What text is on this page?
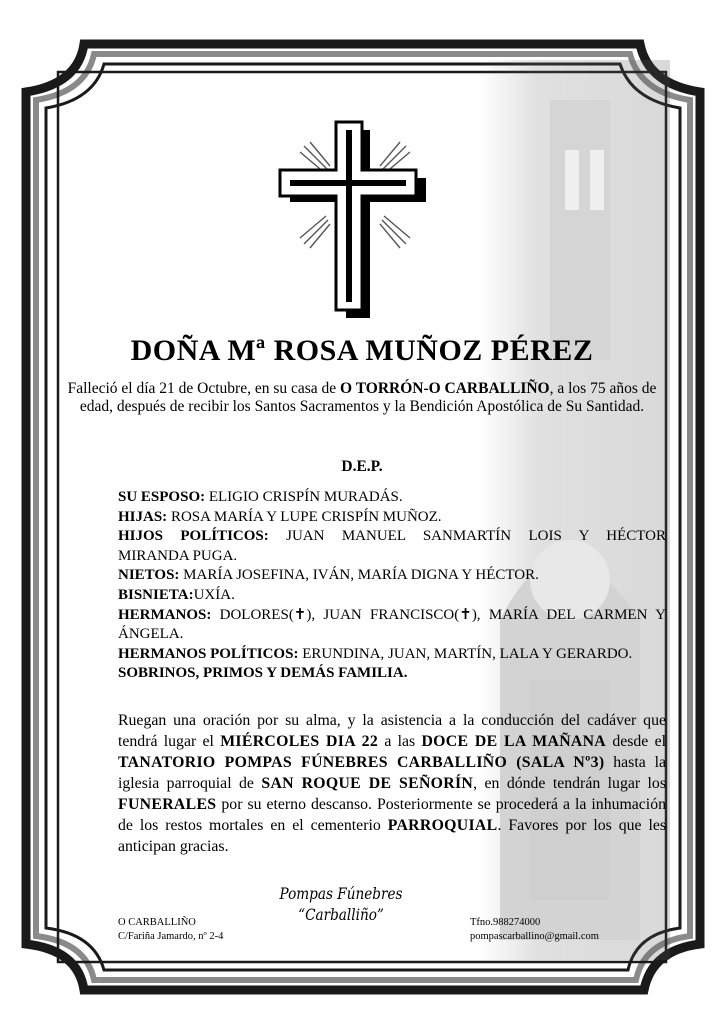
DOÑA Mª ROSA MUÑOZ PÉREZ
Falleció el día 21 de Octubre, en su casa de O TORRÓN-O CARBALLIÑO, a los 75 años de edad, después de recibir los Santos Sacramentos y la Bendición Apostólica de Su Santidad.
D.E.P.

SU ESPOSO: ELIGIO CRISPÍN MURADÁS.

HIJAS: ROSA MARÍA Y LUPE CRISPÍN MUÑOZ.

HIJOS POLÍTICOS: JUAN MANUEL SANMARTÍN LOIS Y HÉCTOR

MIRANDA PUGA.

NIETOS: MARÍA JOSEFINA, IVÁN, MARÍA DIGNA Y HÉCTOR.

BISNIETA:UXÍA.

HERMANOS: DOLORES(✝), JUAN FRANCISCO(✝), MARÍA DEL CARMEN Y

ÁNGELA.

HERMANOS POLÍTICOS: ERUNDINA, JUAN, MARTÍN, LALA Y GERARDO.

SOBRINOS, PRIMOS Y DEMÁS FAMILIA.

Ruegan una oración por su alma, y la asistencia a la conducción del cadáver que tendrá lugar el MIÉRCOLES DIA 22 a las DOCE DE LA MAÑANA desde el TANATORIO POMPAS FÚNEBRES CARBALLIÑO (SALA Nº3) hasta la iglesia parroquial de SAN ROQUE DE SEÑORÍN, en dónde tendrán lugar los FUNERALES por su eterno descanso. Posteriormente se procederá a la inhumación de los restos mortales en el cementerio PARROQUIAL. Favores por los que les anticipan gracias.
O CARBALLIÑO
C/Fariña Jamardo, nº 2-4
Pompas Fúnebres
“Carballiño”	Tfno.988274000
pompascarballino@gmail.com
